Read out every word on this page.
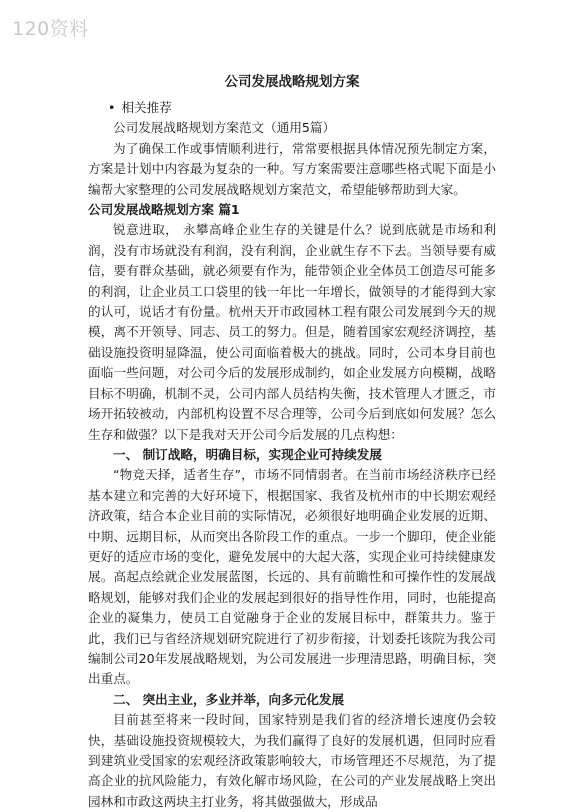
120资料

公司发展战略规划方案

• 相关推荐

公司发展战略规划方案范文（通用5篇）

为了确保工作或事情顺利进行，常常要根据具体情况预先制定方案，方案是计划中内容最为复杂的一种。写方案需要注意哪些格式呢下面是小编帮大家整理的公司发展战略规划方案范文，希望能够帮助到大家。

公司发展战略规划方案 篇1

锐意进取， 永攀高峰企业生存的关键是什么？说到底就是市场和利润，没有市场就没有利润，没有利润，企业就生存不下去。当领导要有威信，要有群众基础，就必须要有作为，能带领企业全体员工创造尽可能多的利润，让企业员工口袋里的钱一年比一年增长，做领导的才能得到大家的认可，说话才有份量。杭州天开市政园林工程有限公司发展到今天的规模，离不开领导、同志、员工的努力。但是，随着国家宏观经济调控，基础设施投资明显降温，使公司面临着极大的挑战。同时，公司本身目前也面临一些问题，对公司今后的发展形成制约，如企业发展方向模糊，战略目标不明确，机制不灵，公司内部人员结构失衡，技术管理人才匮乏，市场开拓较被动，内部机构设置不尽合理等，公司今后到底如何发展？怎么生存和做强？以下是我对天开公司今后发展的几点构想：

一、 制订战略，明确目标，实现企业可持续发展

“物竞天择，适者生存”，市场不同情弱者。在当前市场经济秩序已经基本建立和完善的大好环境下，根据国家、我省及杭州市的中长期宏观经济政策，结合本企业目前的实际情况，必须很好地明确企业发展的近期、中期、远期目标，从而突出各阶段工作的重点。一步一个脚印，使企业能更好的适应市场的变化，避免发展中的大起大落，实现企业可持续健康发展。高起点绘就企业发展蓝图，长远的、具有前瞻性和可操作性的发展战略规划，能够对我们企业的发展起到很好的指导性作用，同时，也能提高企业的凝集力，使员工自觉融身于企业的发展目标中，群策共力。鉴于此，我们已与省经济规划研究院进行了初步衔接，计划委托该院为我公司编制公司20年发展战略规划，为公司发展进一步理清思路，明确目标，突出重点。

二、 突出主业，多业并举，向多元化发展

目前甚至将来一段时间，国家特别是我们省的经济增长速度仍会较快，基础设施投资规模较大，为我们赢得了良好的发展机遇，但同时应看到建筑业受国家的宏观经济政策影响较大，市场管理还不尽规范，为了提高企业的抗风险能力，有效化解市场风险，在公司的产业发展战略上突出园林和市政这两块主打业务，将其做强做大，形成品
